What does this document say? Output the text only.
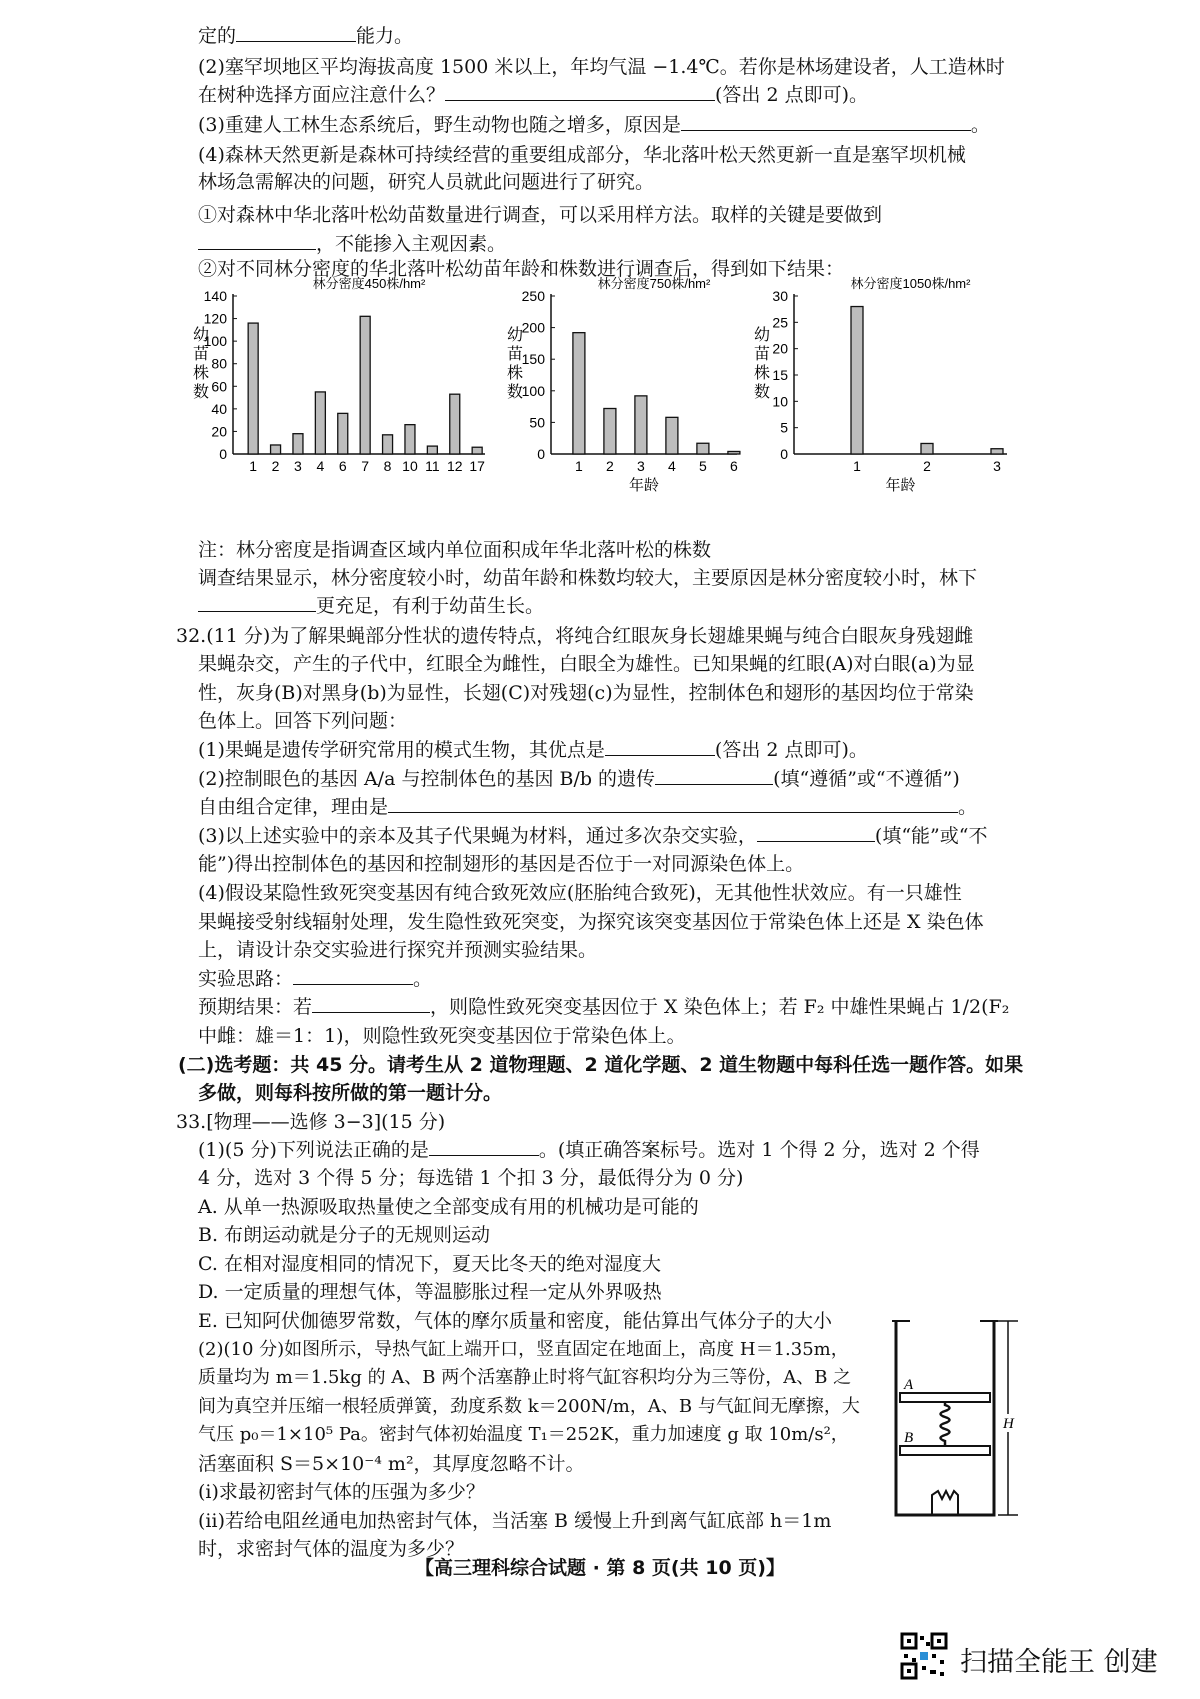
定的	能力。
(2)塞罕坝地区平均海拔高度 1500 米以上，年均气温 −1.4℃。若你是林场建设者，人工造林时
在树种选择方面应注意什么？	(答出 2 点即可)。
(3)重建人工林生态系统后，野生动物也随之增多，原因是	。
(4)森林天然更新是森林可持续经营的重要组成部分，华北落叶松天然更新一直是塞罕坝机械
林场急需解决的问题，研究人员就此问题进行了研究。
①对森林中华北落叶松幼苗数量进行调查，可以采用样方法。取样的关键是要做到
，不能掺入主观因素。
②对不同林分密度的华北落叶松幼苗年龄和株数进行调查后，得到如下结果：
0
20
40
60
80
100
120
140
林分密度450株/hm²
幼
苗
株
数
1 2 3 4 6 7 8 10 11 12 17
0
50
100
150
200
250
林分密度750株/hm²
幼
苗
株
数
1 2 3 4 5 6
年龄
0
5
10
15
20
25
30
林分密度1050株/hm²
幼
苗
株
数
1	2	3
年龄
注：林分密度是指调查区域内单位面积成年华北落叶松的株数
调查结果显示，林分密度较小时，幼苗年龄和株数均较大，主要原因是林分密度较小时，林下
更充足，有利于幼苗生长。
32.(11 分)为了解果蝇部分性状的遗传特点，将纯合红眼灰身长翅雄果蝇与纯合白眼灰身残翅雌
果蝇杂交，产生的子代中，红眼全为雌性，白眼全为雄性。已知果蝇的红眼(A)对白眼(a)为显
性，灰身(B)对黑身(b)为显性，长翅(C)对残翅(c)为显性，控制体色和翅形的基因均位于常染
色体上。回答下列问题：
(1)果蝇是遗传学研究常用的模式生物，其优点是	(答出 2 点即可)。
(2)控制眼色的基因 A/a 与控制体色的基因 B/b 的遗传	(填“遵循”或“不遵循”)
自由组合定律，理由是	。
(3)以上述实验中的亲本及其子代果蝇为材料，通过多次杂交实验，	(填“能”或“不
能”)得出控制体色的基因和控制翅形的基因是否位于一对同源染色体上。
(4)假设某隐性致死突变基因有纯合致死效应(胚胎纯合致死)，无其他性状效应。有一只雄性
果蝇接受射线辐射处理，发生隐性致死突变，为探究该突变基因位于常染色体上还是 X 染色体
上，请设计杂交实验进行探究并预测实验结果。
实验思路：	。
预期结果：若	，则隐性致死突变基因位于 X 染色体上；若 F₂ 中雄性果蝇占 1/2(F₂
中雌：雄＝1：1)，则隐性致死突变基因位于常染色体上。
(二)选考题：共 45 分。请考生从 2 道物理题、2 道化学题、2 道生物题中每科任选一题作答。如果
多做，则每科按所做的第一题计分。
33.[物理——选修 3−3](15 分)
(1)(5 分)下列说法正确的是	。(填正确答案标号。选对 1 个得 2 分，选对 2 个得
4 分，选对 3 个得 5 分；每选错 1 个扣 3 分，最低得分为 0 分)
A. 从单一热源吸取热量使之全部变成有用的机械功是可能的
B. 布朗运动就是分子的无规则运动
C. 在相对湿度相同的情况下，夏天比冬天的绝对湿度大
D. 一定质量的理想气体，等温膨胀过程一定从外界吸热
E. 已知阿伏伽德罗常数，气体的摩尔质量和密度，能估算出气体分子的大小
(2)(10 分)如图所示，导热气缸上端开口，竖直固定在地面上，高度 H＝1.35m，
质量均为 m＝1.5kg 的 A、B 两个活塞静止时将气缸容积均分为三等份，A、B 之
间为真空并压缩一根轻质弹簧，劲度系数 k＝200N/m，A、B 与气缸间无摩擦，大
气压 p₀＝1×10⁵ Pa。密封气体初始温度 T₁＝252K，重力加速度 g 取 10m/s²，
活塞面积 S＝5×10⁻⁴ m²，其厚度忽略不计。
(ⅰ)求最初密封气体的压强为多少？
(ⅱ)若给电阻丝通电加热密封气体，当活塞 B 缓慢上升到离气缸底部 h＝1m
时，求密封气体的温度为多少？
A
B
H
【高三理科综合试题 · 第 8 页(共 10 页)】
扫描全能王 创建
